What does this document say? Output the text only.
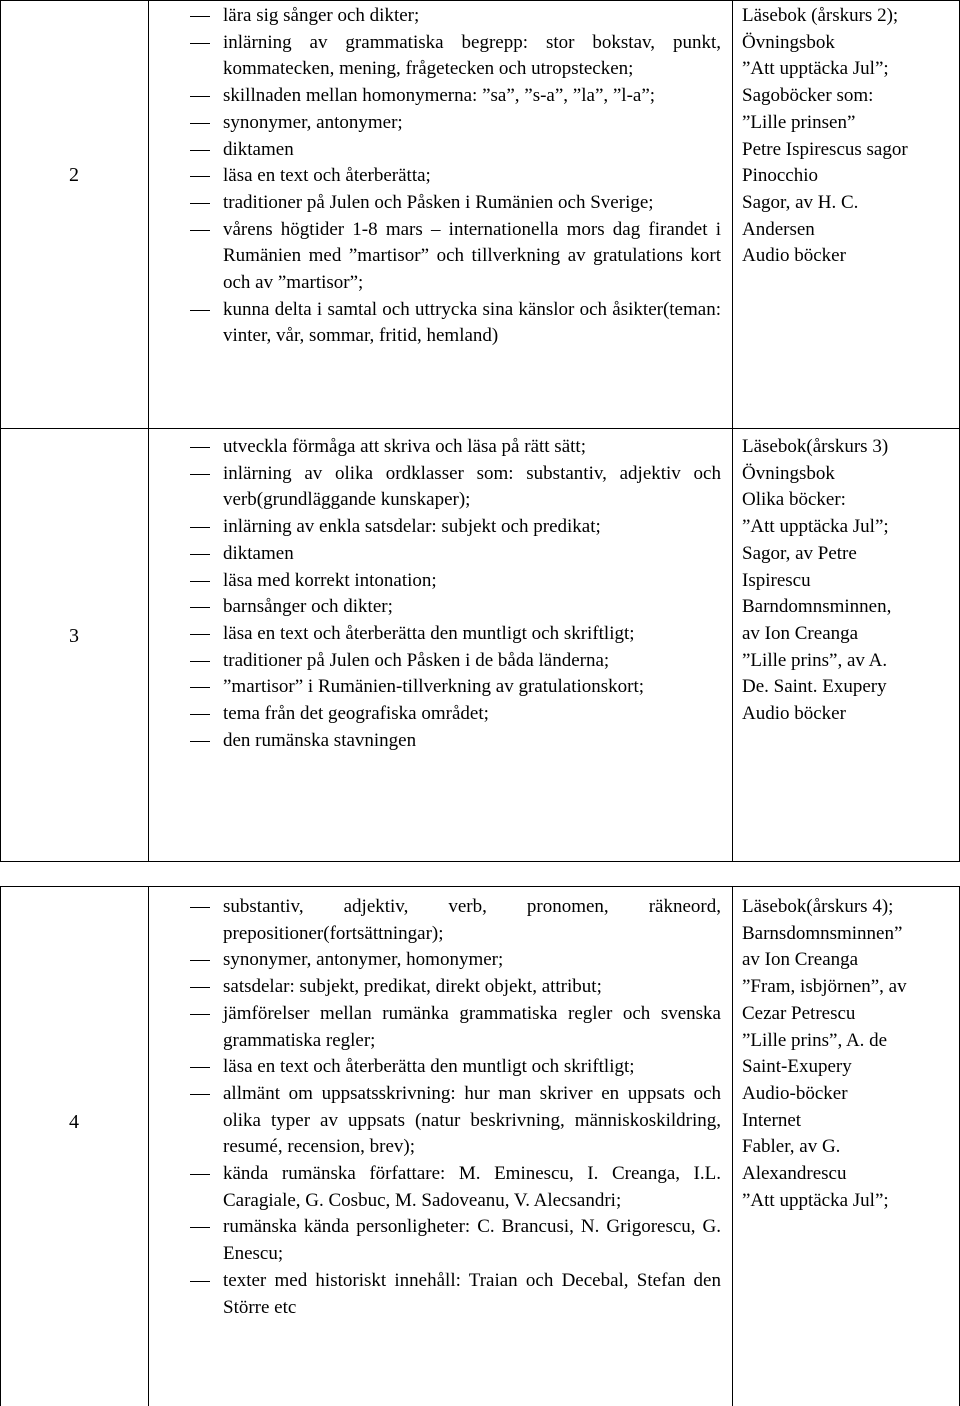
2
lära sig sånger och dikter;
inlärning av grammatiska begrepp: stor bokstav, punkt, kommatecken, mening, frågetecken och utropstecken;
skillnaden mellan homonymerna: ”sa”, ”s-a”, ”la”, ”l-a”;
synonymer, antonymer;
diktamen
läsa en text och återberätta;
traditioner på Julen och Påsken i Rumänien och Sverige;
vårens högtider 1-8 mars – internationella mors dag firandet i Rumänien med ”martisor” och tillverkning av gratulations kort och av ”martisor”;
kunna delta i samtal och uttrycka sina känslor och åsikter(teman: vinter, vår, sommar, fritid, hemland)
Läsebok (årskurs 2);
Övningsbok
”Att upptäcka Jul”;
Sagoböcker som:
”Lille prinsen”
Petre Ispirescus sagor
Pinocchio
Sagor, av H. C.
Andersen
Audio böcker
3
utveckla förmåga att skriva och läsa på rätt sätt;
inlärning av olika ordklasser som: substantiv, adjektiv och verb(grundläggande kunskaper);
inlärning av enkla satsdelar: subjekt och predikat;
diktamen
läsa med korrekt intonation;
barnsånger och dikter;
läsa en text och återberätta den muntligt och skriftligt;
traditioner på Julen och Påsken i de båda länderna;
”martisor” i Rumänien-tillverkning av gratulationskort;
tema från det geografiska området;
den rumänska stavningen
Läsebok(årskurs 3)
Övningsbok
Olika böcker:
”Att upptäcka Jul”;
Sagor, av Petre
Ispirescu
Barndomnsminnen,
av Ion Creanga
”Lille prins”, av A.
De. Saint. Exupery
Audio böcker
4
substantiv, adjektiv, verb, pronomen, räkneord, prepositioner(fortsättningar);
synonymer, antonymer, homonymer;
satsdelar: subjekt, predikat, direkt objekt, attribut;
jämförelser mellan rumänka grammatiska regler och svenska grammatiska regler;
läsa en text och återberätta den muntligt och skriftligt;
allmänt om uppsatsskrivning: hur man skriver en uppsats och olika typer av uppsats (natur beskrivning, människoskildring, resumé, recension, brev);
kända rumänska författare: M. Eminescu, I. Creanga, I.L. Caragiale, G. Cosbuc, M. Sadoveanu, V. Alecsandri;
rumänska kända personligheter: C. Brancusi, N. Grigorescu, G. Enescu;
texter med historiskt innehåll: Traian och Decebal, Stefan den Större etc
Läsebok(årskurs 4);
Barnsdomnsminnen”
av Ion Creanga
”Fram, isbjörnen”, av
Cezar Petrescu
”Lille prins”, A. de
Saint-Exupery
Audio-böcker
Internet
Fabler, av G.
Alexandrescu
”Att upptäcka Jul”;
